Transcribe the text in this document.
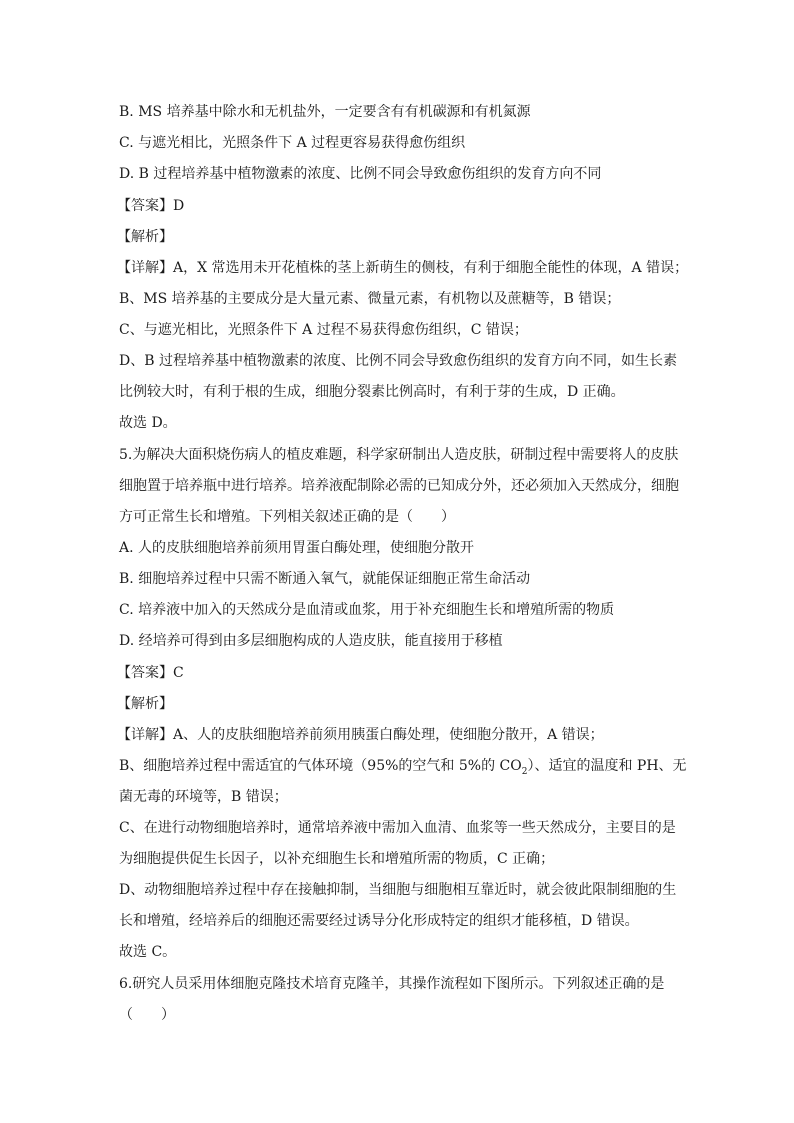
B. MS 培养基中除水和无机盐外，一定要含有有机碳源和有机氮源

C. 与遮光相比，光照条件下 A 过程更容易获得愈伤组织

D. B 过程培养基中植物激素的浓度、比例不同会导致愈伤组织的发育方向不同

【答案】D

【解析】

【详解】A，X 常选用未开花植株的茎上新萌生的侧枝，有利于细胞全能性的体现，A 错误；

B、MS 培养基的主要成分是大量元素、微量元素，有机物以及蔗糖等，B 错误；

C、与遮光相比，光照条件下 A 过程不易获得愈伤组织，C 错误；

D、B 过程培养基中植物激素的浓度、比例不同会导致愈伤组织的发育方向不同，如生长素

比例较大时，有利于根的生成，细胞分裂素比例高时，有利于芽的生成，D 正确。

故选 D。

5.为解决大面积烧伤病人的植皮难题，科学家研制出人造皮肤，研制过程中需要将人的皮肤

细胞置于培养瓶中进行培养。培养液配制除必需的已知成分外，还必须加入天然成分，细胞

方可正常生长和增殖。下列相关叙述正确的是（　　）

A. 人的皮肤细胞培养前须用胃蛋白酶处理，使细胞分散开

B. 细胞培养过程中只需不断通入氧气，就能保证细胞正常生命活动

C. 培养液中加入的天然成分是血清或血浆，用于补充细胞生长和增殖所需的物质

D. 经培养可得到由多层细胞构成的人造皮肤，能直接用于移植

【答案】C

【解析】

【详解】A、人的皮肤细胞培养前须用胰蛋白酶处理，使细胞分散开，A 错误；

B、细胞培养过程中需适宜的气体环境（95%的空气和 5%的 $CO_2$）、适宜的温度和 PH、无

菌无毒的环境等，B 错误；

C、在进行动物细胞培养时，通常培养液中需加入血清、血浆等一些天然成分，主要目的是

为细胞提供促生长因子，以补充细胞生长和增殖所需的物质，C 正确；

D、动物细胞培养过程中存在接触抑制，当细胞与细胞相互靠近时，就会彼此限制细胞的生

长和增殖，经培养后的细胞还需要经过诱导分化形成特定的组织才能移植，D 错误。

故选 C。

6.研究人员采用体细胞克隆技术培育克隆羊，其操作流程如下图所示。下列叙述正确的是

（　　）
